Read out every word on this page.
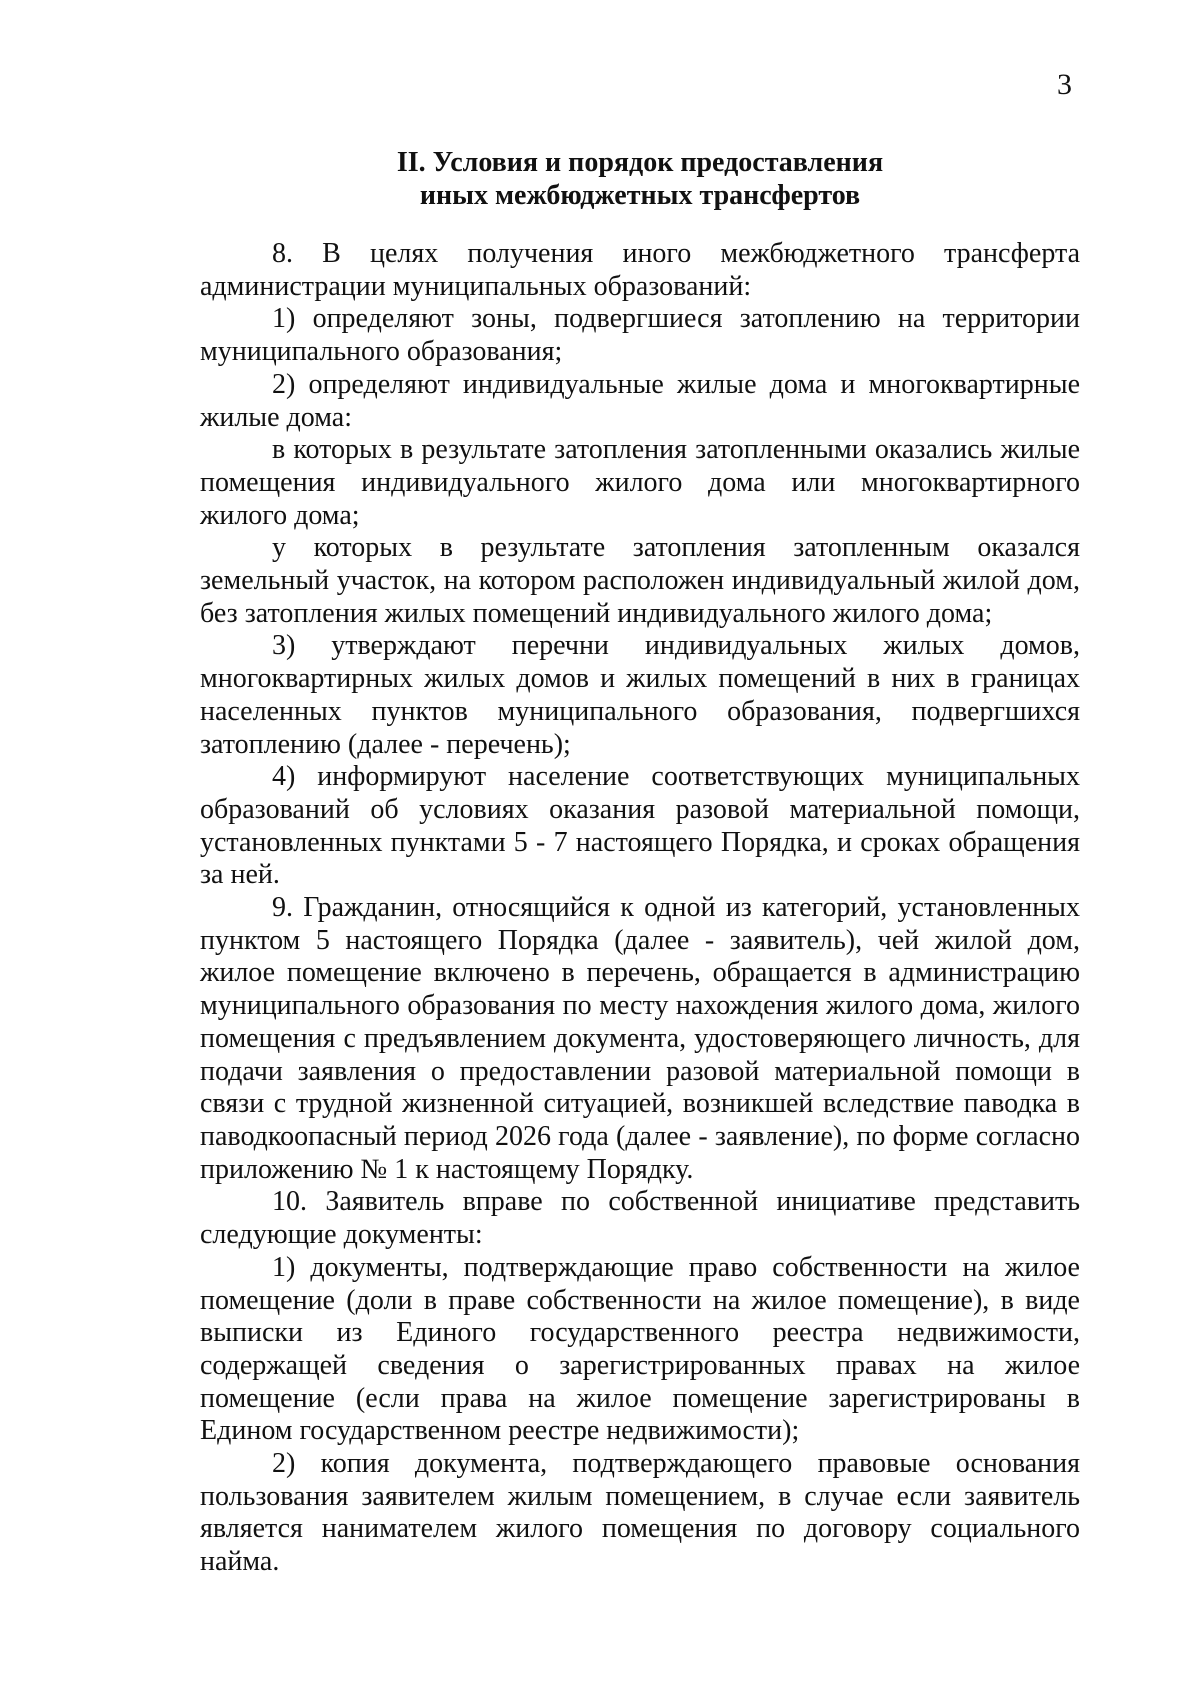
3
II. Условия и порядок предоставления
иных межбюджетных трансфертов

8. В целях получения иного межбюджетного трансферта администрации муниципальных образований:

1) определяют зоны, подвергшиеся затоплению на территории муниципального образования;

2) определяют индивидуальные жилые дома и многоквартирные жилые дома:

в которых в результате затопления затопленными оказались жилые помещения индивидуального жилого дома или многоквартирного жилого дома;

у которых в результате затопления затопленным оказался земельный участок, на котором расположен индивидуальный жилой дом, без затопления жилых помещений индивидуального жилого дома;

3) утверждают перечни индивидуальных жилых домов, многоквартирных жилых домов и жилых помещений в них в границах населенных пунктов муниципального образования, подвергшихся затоплению (далее - перечень);

4) информируют население соответствующих муниципальных образований об условиях оказания разовой материальной помощи, установленных пунктами 5 - 7 настоящего Порядка, и сроках обращения за ней.

9. Гражданин, относящийся к одной из категорий, установленных пунктом 5 настоящего Порядка (далее - заявитель), чей жилой дом, жилое помещение включено в перечень, обращается в администрацию муниципального образования по месту нахождения жилого дома, жилого помещения с предъявлением документа, удостоверяющего личность, для подачи заявления о предоставлении разовой материальной помощи в связи с трудной жизненной ситуацией, возникшей вследствие паводка в паводкоопасный период 2026 года (далее - заявление), по форме согласно приложению № 1 к настоящему Порядку.

10. Заявитель вправе по собственной инициативе представить следующие документы:

1) документы, подтверждающие право собственности на жилое помещение (доли в праве собственности на жилое помещение), в виде выписки из Единого государственного реестра недвижимости, содержащей сведения о зарегистрированных правах на жилое помещение (если права на жилое помещение зарегистрированы в Едином государственном реестре недвижимости);

2) копия документа, подтверждающего правовые основания пользования заявителем жилым помещением, в случае если заявитель является нанимателем жилого помещения по договору социального найма.
